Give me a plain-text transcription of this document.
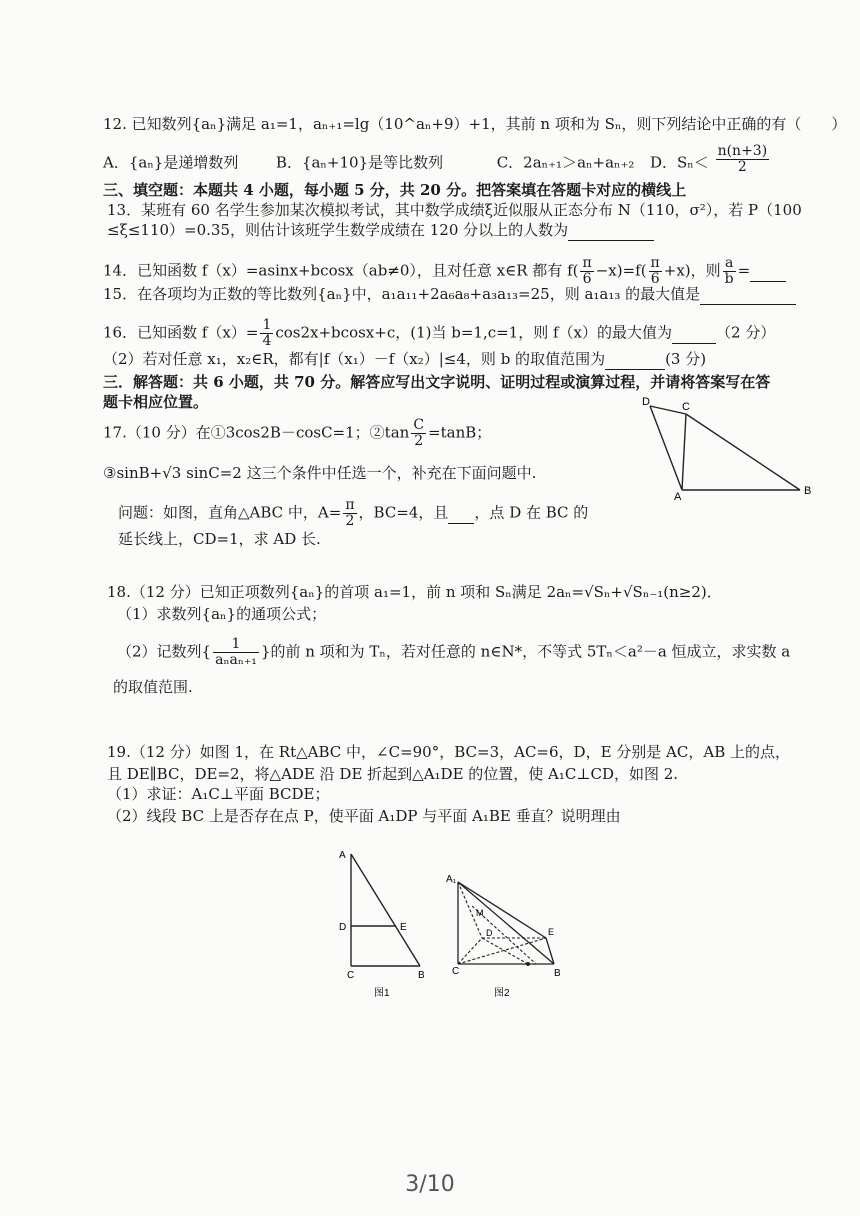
12. 已知数列{aₙ}满足 a₁=1，aₙ₊₁=lg（10^aₙ+9）+1，其前 n 项和为 Sₙ，则下列结论中正确的有（　　）
A．{aₙ}是递增数列	B．{aₙ+10}是等比数列	C．2aₙ₊₁＞aₙ+aₙ₊₂ D．$S_n< \frac{n(n+3)}{2}$
三、填空题：本题共 4 小题，每小题 5 分，共 20 分。把答案填在答题卡对应的横线上
13．某班有 60 名学生参加某次模拟考试，其中数学成绩ξ近似服从正态分布 N（110，σ²），若 P（100
≤ξ≤110）=0.35，则估计该班学生数学成绩在 120 分以上的人数为
14．已知函数 f（x）=asinx+bcosx（ab≠0），且对任意 x∈R 都有 $f( \frac{\pi}{6} -x)=f( \frac{\pi}{6} +x)$，则 $\frac{a}{b}$ =
15．在各项均为正数的等比数列{aₙ}中，a₁a₁₁+2a₆a₈+a₃a₁₃=25，则 a₁a₁₃ 的最大值是
16．已知函数 $f(x)= \frac{1}{4} \cos 2x+bcosx+c$，(1)当 b=1,c=1，则 f（x）的最大值为	（2 分）
（2）若对任意 x₁，x₂∈R，都有|f（x₁）－f（x₂）|≤4，则 b 的取值范围为	(3 分)
三．解答题：共 6 小题，共 70 分。解答应写出文字说明、证明过程或演算过程，并请将答案写在答
题卡相应位置。
17.（10 分）在①3cos2B－cosC=1；②tan $\frac{C}{2} =\tan B$；
③sinB+√3 sinC=2 这三个条件中任选一个，补充在下面问题中.
问题：如图，直角△ABC 中，$A= \frac{\pi}{2}$ ，BC=4，且 ，点 D 在 BC 的
延长线上，CD=1，求 AD 长.
D	C
A	B
18.（12 分）已知正项数列{aₙ}的首项 a₁=1，前 n 项和 Sₙ满足 2aₙ=√Sₙ+√Sₙ₋₁(n≥2)．
（1）求数列{aₙ}的通项公式；
（2）记数列{ $\frac{1}{\text{aₙaₙ₊₁}}$ }的前 n 项和为 Tₙ，若对任意的 n∈N*，不等式 5Tₙ＜a²－a 恒成立，求实数 a
的取值范围.
19.（12 分）如图 1，在 Rt△ABC 中，∠C=90°，BC=3，AC=6，D，E 分别是 AC，AB 上的点，
且 DE∥BC，DE=2，将△ADE 沿 DE 折起到△A₁DE 的位置，使 A₁C⊥CD，如图 2.
（1）求证：A₁C⊥平面 BCDE；
（2）线段 BC 上是否存在点 P，使平面 A₁DP 与平面 A₁BE 垂直？说明理由
A
D	E
C	B
图1
A₁
M
D	E
C	B
图2
3/10
